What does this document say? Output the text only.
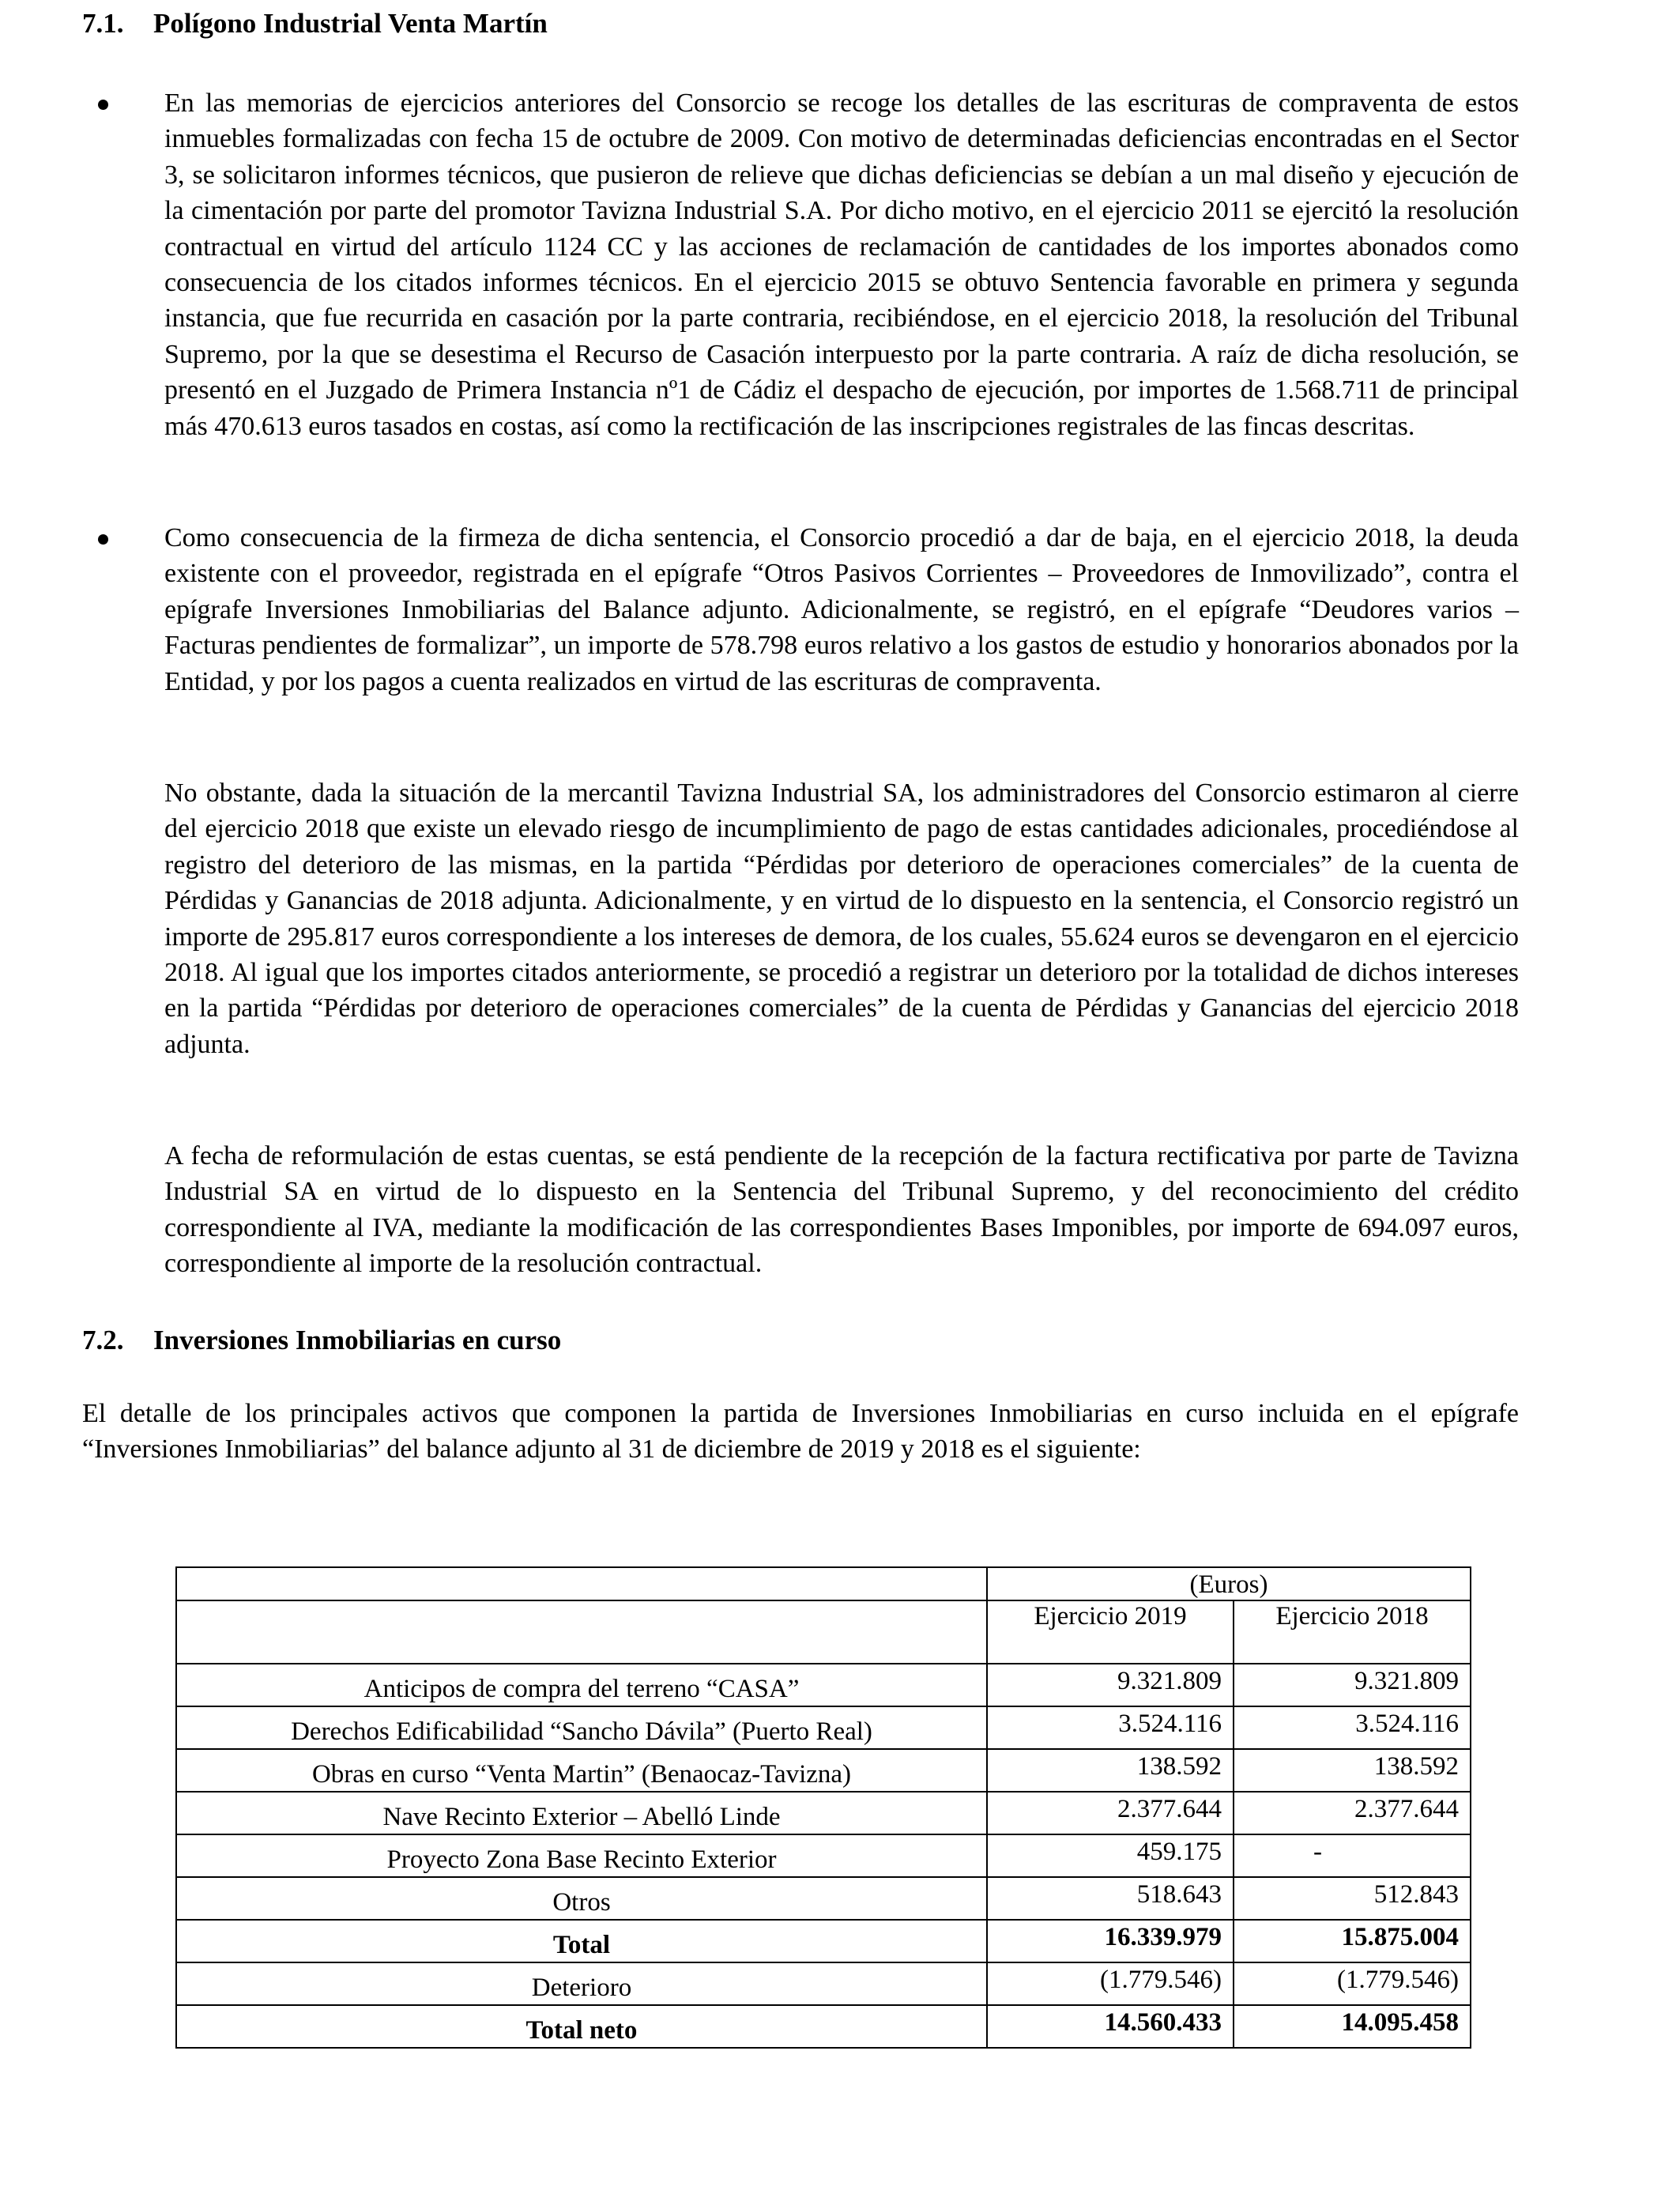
7.1. Polígono Industrial Venta Martín

En las memorias de ejercicios anteriores del Consorcio se recoge los detalles de las escrituras de compraventa de estos inmuebles formalizadas con fecha 15 de octubre de 2009. Con motivo de determinadas deficiencias encontradas en el Sector 3, se solicitaron informes técnicos, que pusieron de relieve que dichas deficiencias se debían a un mal diseño y ejecución de la cimentación por parte del promotor Tavizna Industrial S.A. Por dicho motivo, en el ejercicio 2011 se ejercitó la resolución contractual en virtud del artículo 1124 CC y las acciones de reclamación de cantidades de los importes abonados como consecuencia de los citados informes técnicos. En el ejercicio 2015 se obtuvo Sentencia favorable en primera y segunda instancia, que fue recurrida en casación por la parte contraria, recibiéndose, en el ejercicio 2018, la resolución del Tribunal Supremo, por la que se desestima el Recurso de Casación interpuesto por la parte contraria. A raíz de dicha resolución, se presentó en el Juzgado de Primera Instancia nº1 de Cádiz el despacho de ejecución, por importes de 1.568.711 de principal más 470.613 euros tasados en costas, así como la rectificación de las inscripciones registrales de las fincas descritas.

Como consecuencia de la firmeza de dicha sentencia, el Consorcio procedió a dar de baja, en el ejercicio 2018, la deuda existente con el proveedor, registrada en el epígrafe “Otros Pasivos Corrientes – Proveedores de Inmovilizado”, contra el epígrafe Inversiones Inmobiliarias del Balance adjunto. Adicionalmente, se registró, en el epígrafe “Deudores varios – Facturas pendientes de formalizar”, un importe de 578.798 euros relativo a los gastos de estudio y honorarios abonados por la Entidad, y por los pagos a cuenta realizados en virtud de las escrituras de compraventa.

No obstante, dada la situación de la mercantil Tavizna Industrial SA, los administradores del Consorcio estimaron al cierre del ejercicio 2018 que existe un elevado riesgo de incumplimiento de pago de estas cantidades adicionales, procediéndose al registro del deterioro de las mismas, en la partida “Pérdidas por deterioro de operaciones comerciales” de la cuenta de Pérdidas y Ganancias de 2018 adjunta. Adicionalmente, y en virtud de lo dispuesto en la sentencia, el Consorcio registró un importe de 295.817 euros correspondiente a los intereses de demora, de los cuales, 55.624 euros se devengaron en el ejercicio 2018. Al igual que los importes citados anteriormente, se procedió a registrar un deterioro por la totalidad de dichos intereses en la partida “Pérdidas por deterioro de operaciones comerciales” de la cuenta de Pérdidas y Ganancias del ejercicio 2018 adjunta.

A fecha de reformulación de estas cuentas, se está pendiente de la recepción de la factura rectificativa por parte de Tavizna Industrial SA en virtud de lo dispuesto en la Sentencia del Tribunal Supremo, y del reconocimiento del crédito correspondiente al IVA, mediante la modificación de las correspondientes Bases Imponibles, por importe de 694.097 euros, correspondiente al importe de la resolución contractual.

7.2. Inversiones Inmobiliarias en curso

El detalle de los principales activos que componen la partida de Inversiones Inmobiliarias en curso incluida en el epígrafe “Inversiones Inmobiliarias” del balance adjunto al 31 de diciembre de 2019 y 2018 es el siguiente:

	(Euros)	
	Ejercicio 2019	Ejercicio 2018
Anticipos de compra del terreno “CASA”	9.321.809	9.321.809
Derechos Edificabilidad “Sancho Dávila” (Puerto Real)	3.524.116	3.524.116
Obras en curso “Venta Martin” (Benaocaz-Tavizna)	138.592	138.592
Nave Recinto Exterior – Abelló Linde	2.377.644	2.377.644
Proyecto Zona Base Recinto Exterior	459.175	-
Otros	518.643	512.843
Total	16.339.979	15.875.004
Deterioro	(1.779.546)	(1.779.546)
Total neto	14.560.433	14.095.458
